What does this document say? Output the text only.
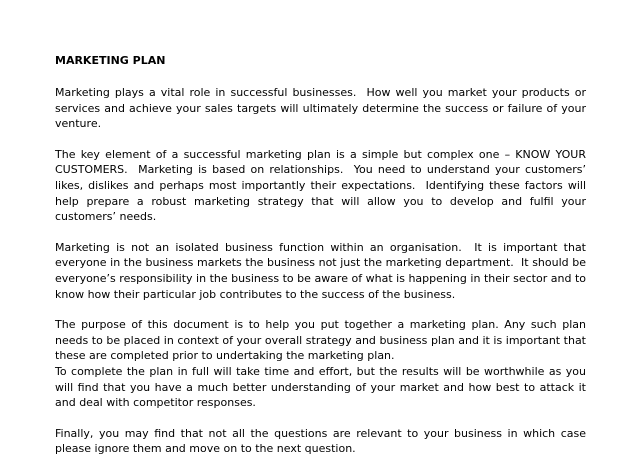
MARKETING PLAN

Marketing plays a vital role in successful businesses.  How well you market your products or services and achieve your sales targets will ultimately determine the success or failure of your venture.

The key element of a successful marketing plan is a simple but complex one – KNOW YOUR CUSTOMERS.  Marketing is based on relationships.  You need to understand your customers’ likes, dislikes and perhaps most importantly their expectations.  Identifying these factors will help prepare a robust marketing strategy that will allow you to develop and fulfil your customers’ needs.

Marketing is not an isolated business function within an organisation.  It is important that everyone in the business markets the business not just the marketing department.  It should be everyone’s responsibility in the business to be aware of what is happening in their sector and to know how their particular job contributes to the success of the business.

The purpose of this document is to help you put together a marketing plan. Any such plan needs to be placed in context of your overall strategy and business plan and it is important that these are completed prior to undertaking the marketing plan.

To complete the plan in full will take time and effort, but the results will be worthwhile as you will find that you have a much better understanding of your market and how best to attack it and deal with competitor responses.

Finally, you may find that not all the questions are relevant to your business in which case please ignore them and move on to the next question.
